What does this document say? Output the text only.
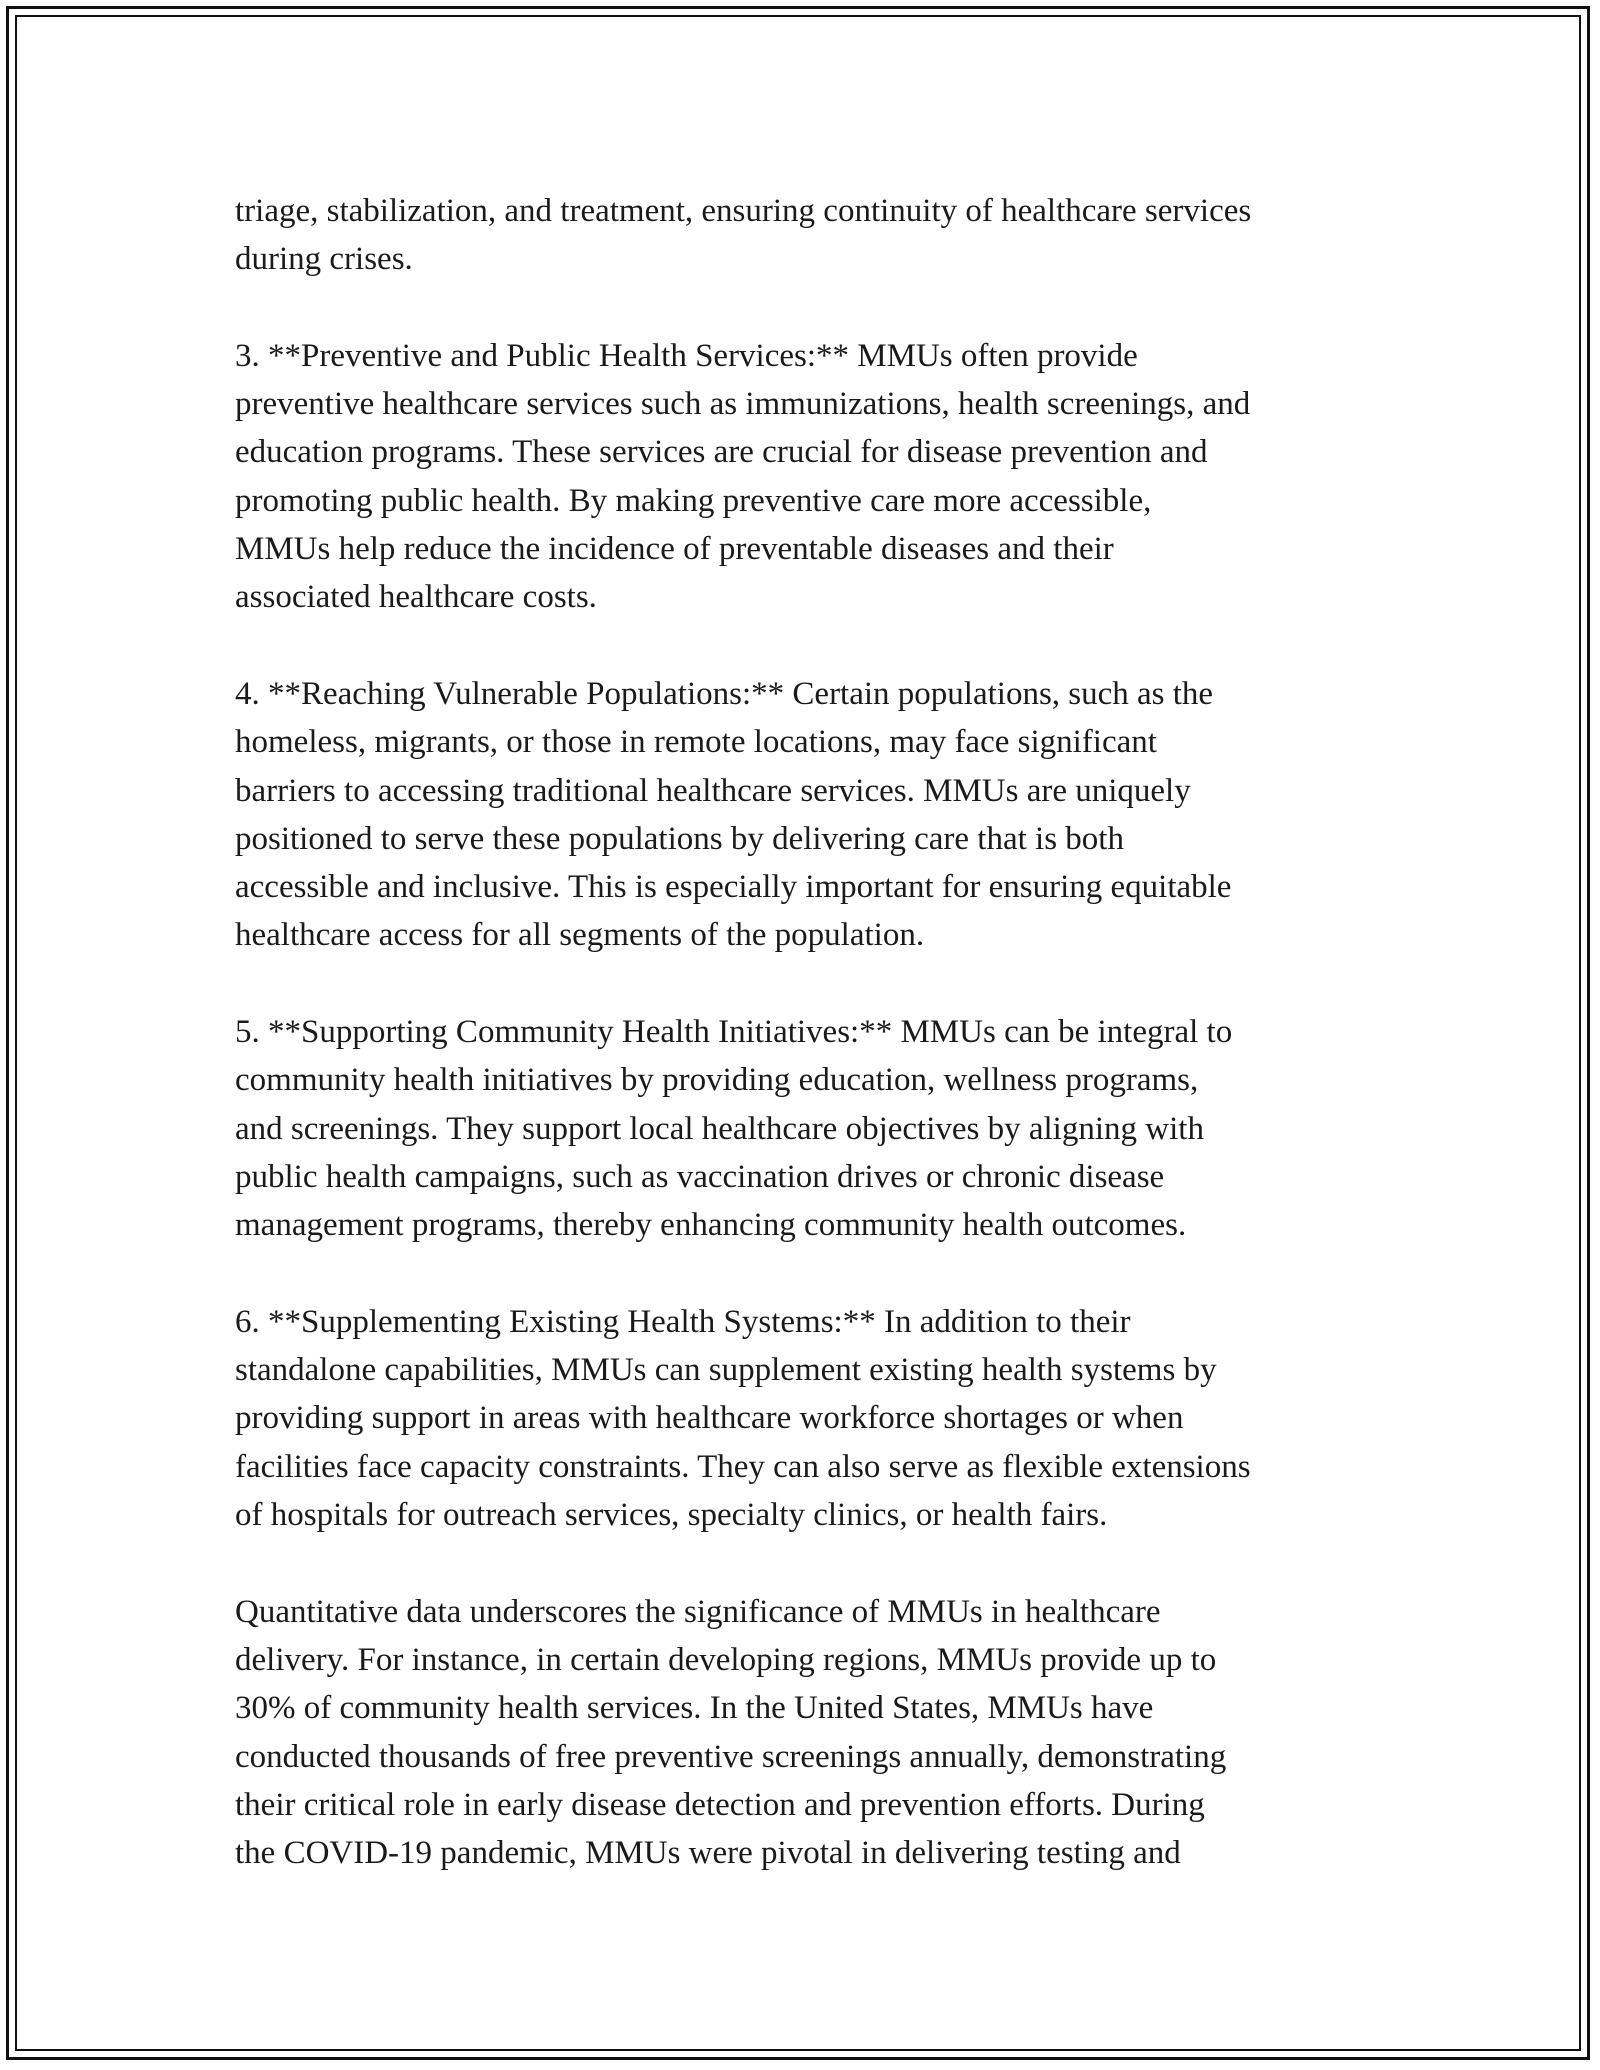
triage, stabilization, and treatment, ensuring continuity of healthcare services
during crises.

3. **Preventive and Public Health Services:** MMUs often provide
preventive healthcare services such as immunizations, health screenings, and
education programs. These services are crucial for disease prevention and
promoting public health. By making preventive care more accessible,
MMUs help reduce the incidence of preventable diseases and their
associated healthcare costs.

4. **Reaching Vulnerable Populations:** Certain populations, such as the
homeless, migrants, or those in remote locations, may face significant
barriers to accessing traditional healthcare services. MMUs are uniquely
positioned to serve these populations by delivering care that is both
accessible and inclusive. This is especially important for ensuring equitable
healthcare access for all segments of the population.

5. **Supporting Community Health Initiatives:** MMUs can be integral to
community health initiatives by providing education, wellness programs,
and screenings. They support local healthcare objectives by aligning with
public health campaigns, such as vaccination drives or chronic disease
management programs, thereby enhancing community health outcomes.

6. **Supplementing Existing Health Systems:** In addition to their
standalone capabilities, MMUs can supplement existing health systems by
providing support in areas with healthcare workforce shortages or when
facilities face capacity constraints. They can also serve as flexible extensions
of hospitals for outreach services, specialty clinics, or health fairs.

Quantitative data underscores the significance of MMUs in healthcare
delivery. For instance, in certain developing regions, MMUs provide up to
30% of community health services. In the United States, MMUs have
conducted thousands of free preventive screenings annually, demonstrating
their critical role in early disease detection and prevention efforts. During
the COVID-19 pandemic, MMUs were pivotal in delivering testing and
